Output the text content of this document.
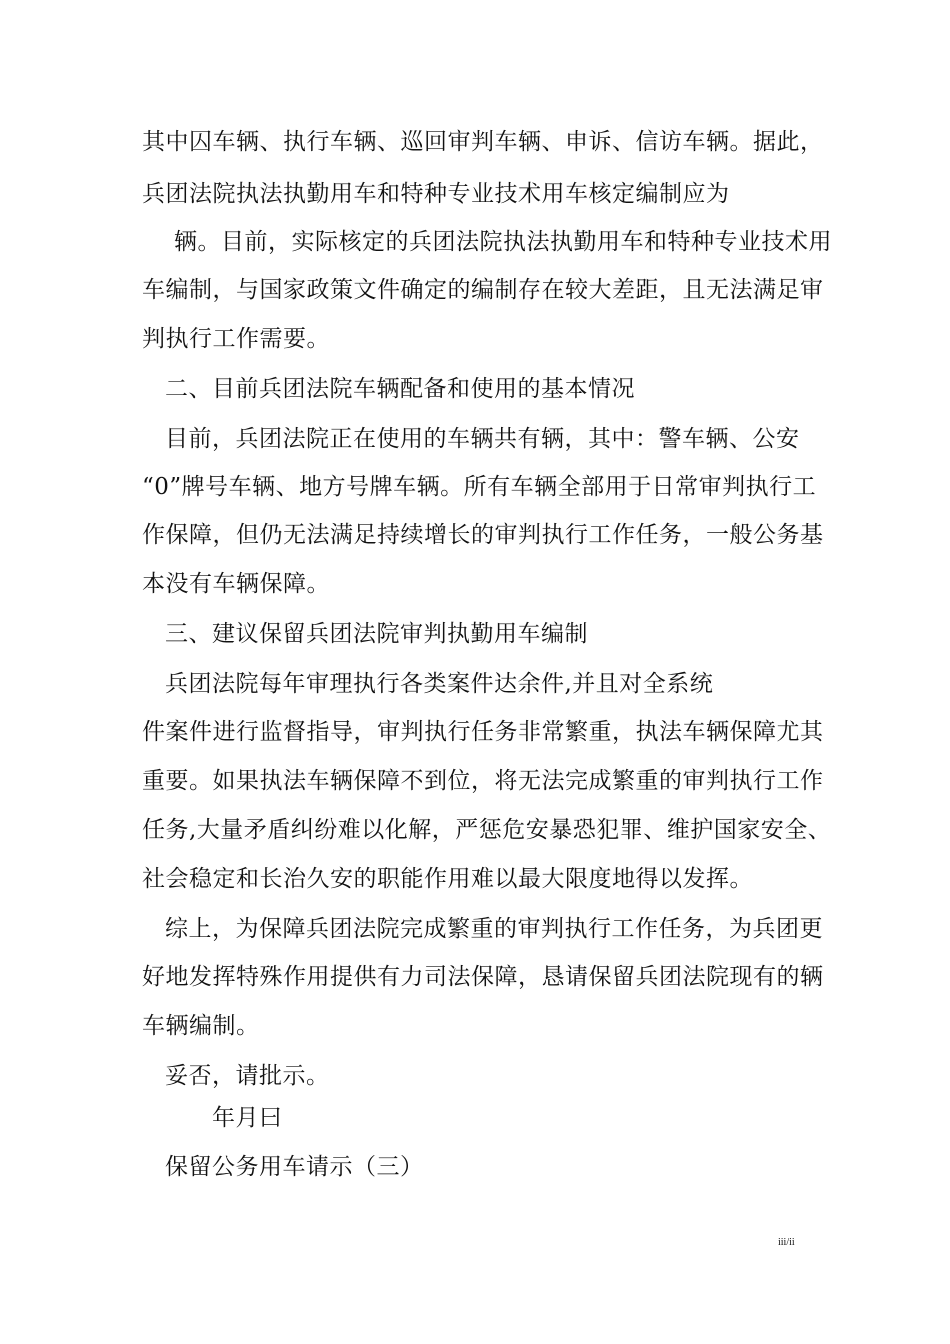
其中囚车辆、执行车辆、巡回审判车辆、申诉、信访车辆。据此，
兵团法院执法执勤用车和特种专业技术用车核定编制应为
辆。目前，实际核定的兵团法院执法执勤用车和特种专业技术用
车编制，与国家政策文件确定的编制存在较大差距，且无法满足审
判执行工作需要。
二、目前兵团法院车辆配备和使用的基本情况
目前，兵团法院正在使用的车辆共有辆，其中：警车辆、公安
“0”牌号车辆、地方号牌车辆。所有车辆全部用于日常审判执行工
作保障，但仍无法满足持续增长的审判执行工作任务，一般公务基
本没有车辆保障。
三、建议保留兵团法院审判执勤用车编制
兵团法院每年审理执行各类案件达余件,并且对全系统
件案件进行监督指导，审判执行任务非常繁重，执法车辆保障尤其
重要。如果执法车辆保障不到位，将无法完成繁重的审判执行工作
任务,大量矛盾纠纷难以化解，严惩危安暴恐犯罪、维护国家安全、
社会稳定和长治久安的职能作用难以最大限度地得以发挥。
综上，为保障兵团法院完成繁重的审判执行工作任务，为兵团更
好地发挥特殊作用提供有力司法保障，恳请保留兵团法院现有的辆
车辆编制。
妥否，请批示。
年月曰
保留公务用车请示（三）
iii/ii
